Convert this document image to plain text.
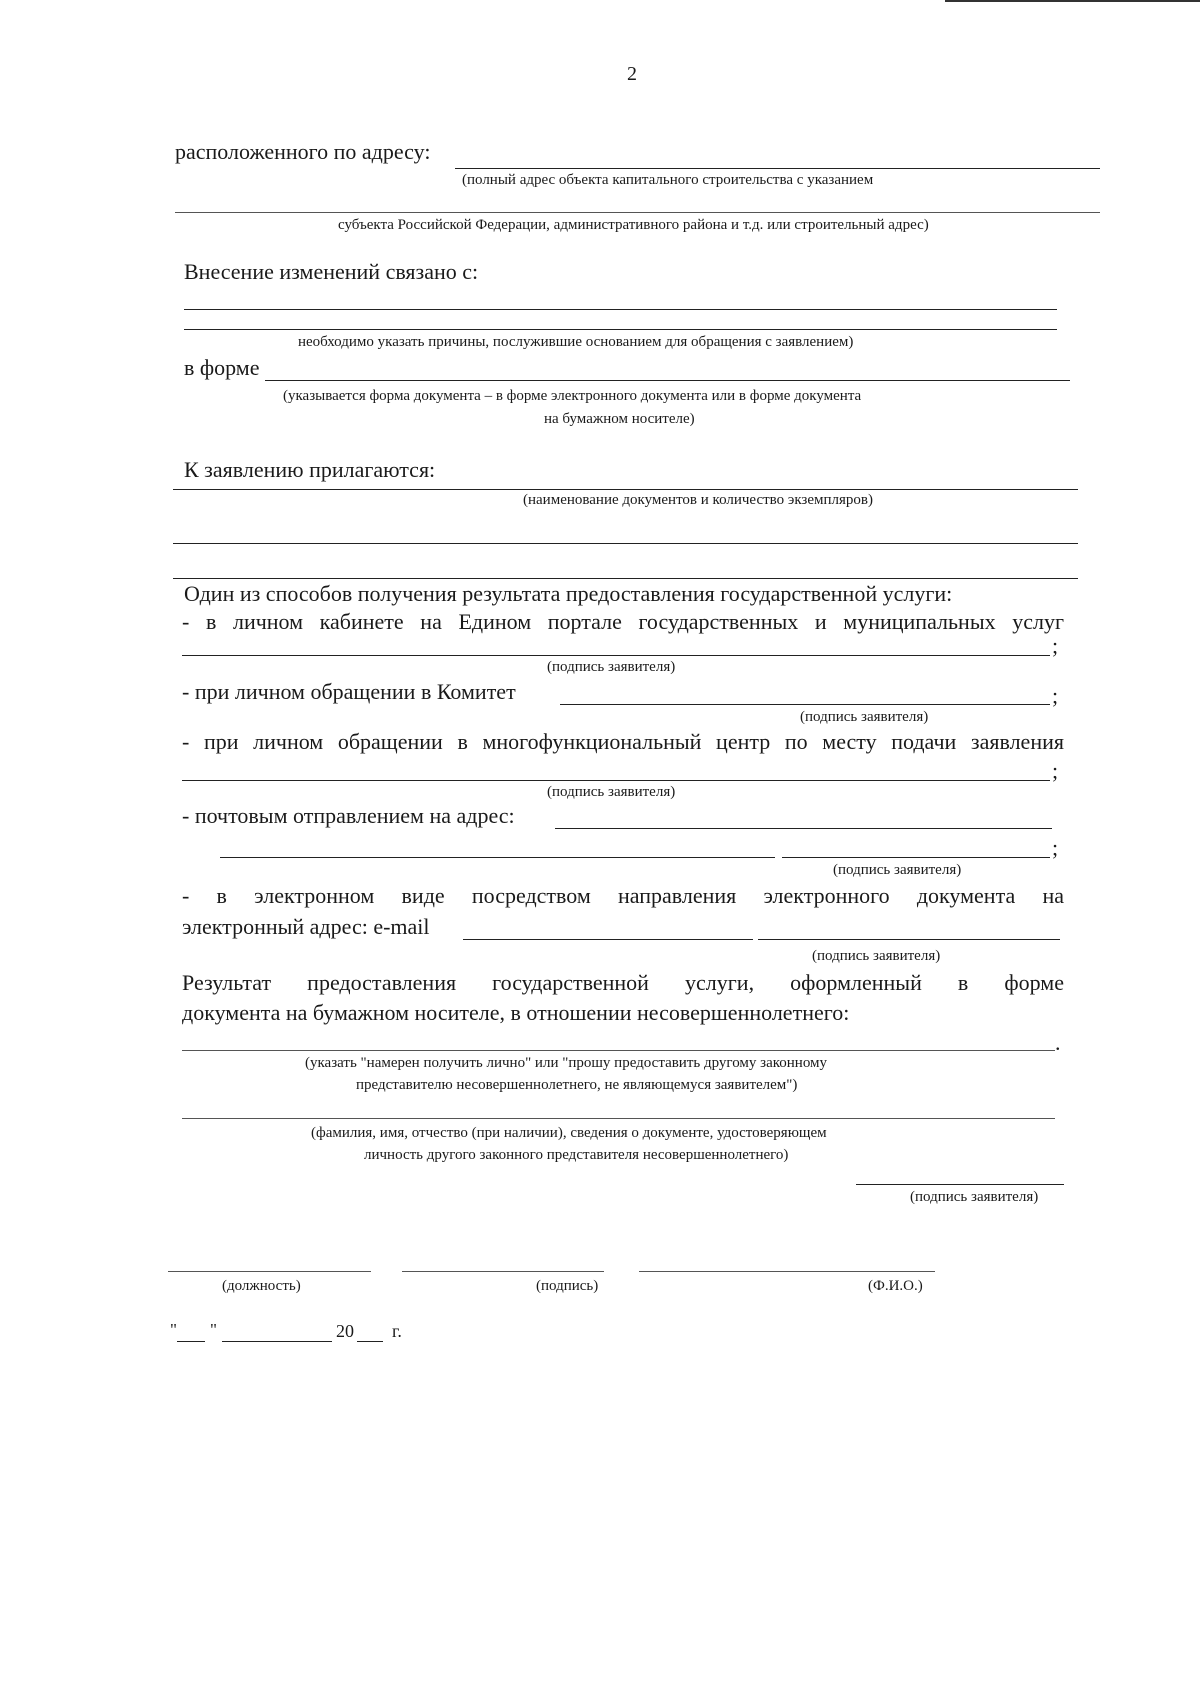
2
расположенного по адресу:
(полный адрес объекта капитального строительства с указанием
субъекта Российской Федерации, административного района и т.д. или строительный адрес)
Внесение изменений связано с:
необходимо указать причины, послужившие основанием для обращения с заявлением)
в форме
(указывается форма документа – в форме электронного документа или в форме документа
на бумажном носителе)
К заявлению прилагаются:
(наименование документов и количество экземпляров)
Один из способов получения результата предоставления государственной услуги:
- в личном кабинете на Едином портале государственных и муниципальных услуг
;
(подпись заявителя)
- при личном обращении в Комитет	;
(подпись заявителя)
- при личном обращении в многофункциональный центр по месту подачи заявления
;
(подпись заявителя)
- почтовым отправлением на адрес:
;
(подпись заявителя)
- в электронном виде посредством направления электронного документа на
электронный адрес: e-mail
(подпись заявителя)
Результат предоставления государственной услуги, оформленный в форме
документа на бумажном носителе, в отношении несовершеннолетнего:
.
(указать "намерен получить лично" или "прошу предоставить другому законному
представителю несовершеннолетнего, не являющемуся заявителем")
(фамилия, имя, отчество (при наличии), сведения о документе, удостоверяющем
личность другого законного представителя несовершеннолетнего)
(подпись заявителя)
(должность)	(подпись)	(Ф.И.О.)
" "	20 г.
